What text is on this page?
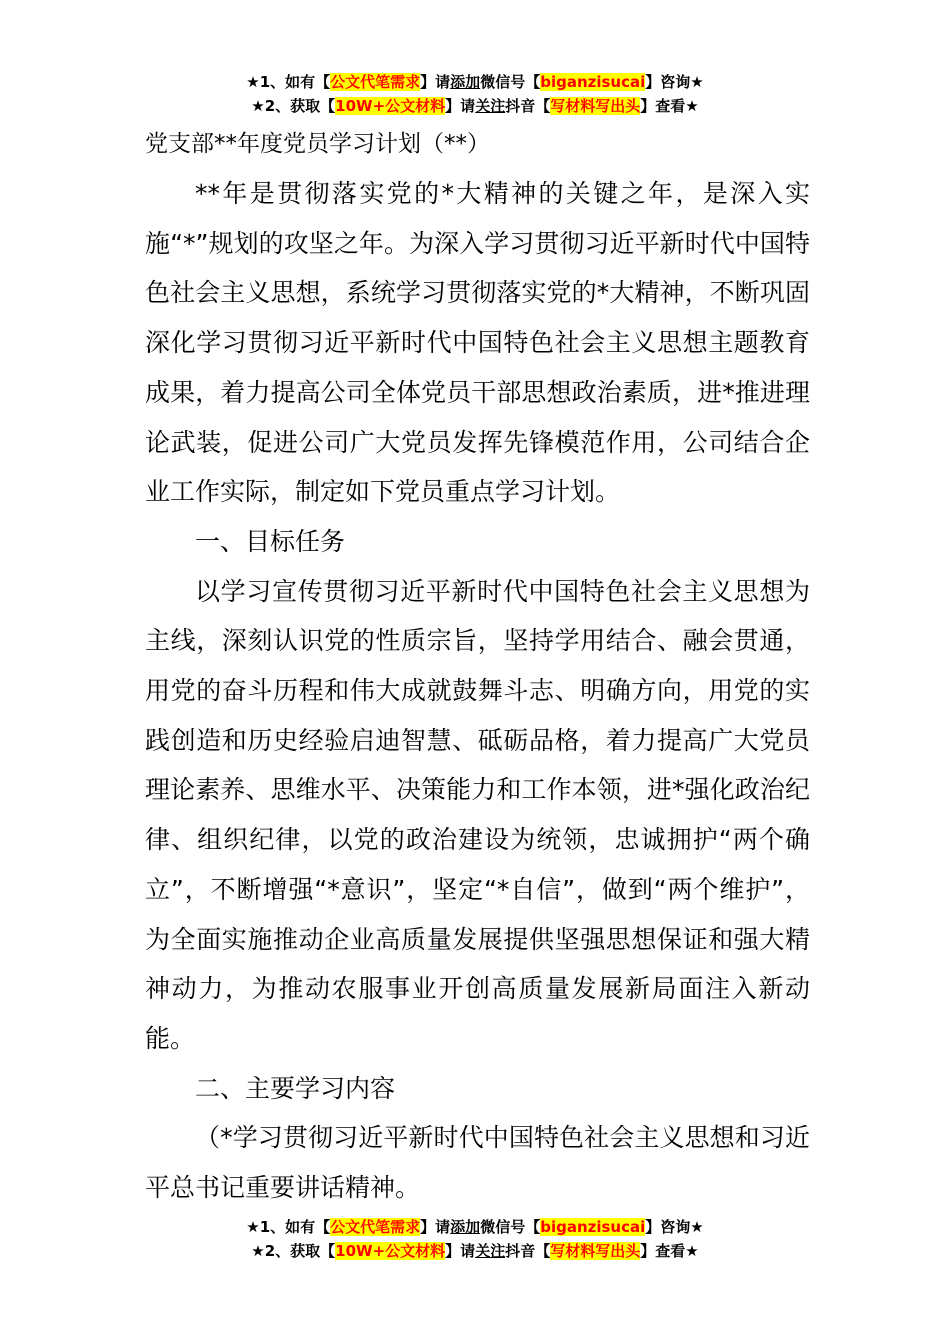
★1、如有【公文代笔需求】请添加微信号【biganzisucai】咨询★
★2、获取【10W+公文材料】请关注抖音【写材料写出头】查看★
党支部**年度党员学习计划（**）

**年是贯彻落实党的*大精神的关键之年，是深入实施“*”规划的攻坚之年。为深入学习贯彻习近平新时代中国特色社会主义思想，系统学习贯彻落实党的*大精神，不断巩固深化学习贯彻习近平新时代中国特色社会主义思想主题教育成果，着力提高公司全体党员干部思想政治素质，进*推进理论武装，促进公司广大党员发挥先锋模范作用，公司结合企业工作实际，制定如下党员重点学习计划。

一、目标任务

以学习宣传贯彻习近平新时代中国特色社会主义思想为主线，深刻认识党的性质宗旨，坚持学用结合、融会贯通，用党的奋斗历程和伟大成就鼓舞斗志、明确方向，用党的实践创造和历史经验启迪智慧、砥砺品格，着力提高广大党员理论素养、思维水平、决策能力和工作本领，进*强化政治纪律、组织纪律，以党的政治建设为统领，忠诚拥护“两个确立”，不断增强“*意识”，坚定“*自信”，做到“两个维护”，为全面实施推动企业高质量发展提供坚强思想保证和强大精神动力，为推动农服事业开创高质量发展新局面注入新动能。

二、主要学习内容

（*学习贯彻习近平新时代中国特色社会主义思想和习近平总书记重要讲话精神。

★1、如有【公文代笔需求】请添加微信号【biganzisucai】咨询★
★2、获取【10W+公文材料】请关注抖音【写材料写出头】查看★
